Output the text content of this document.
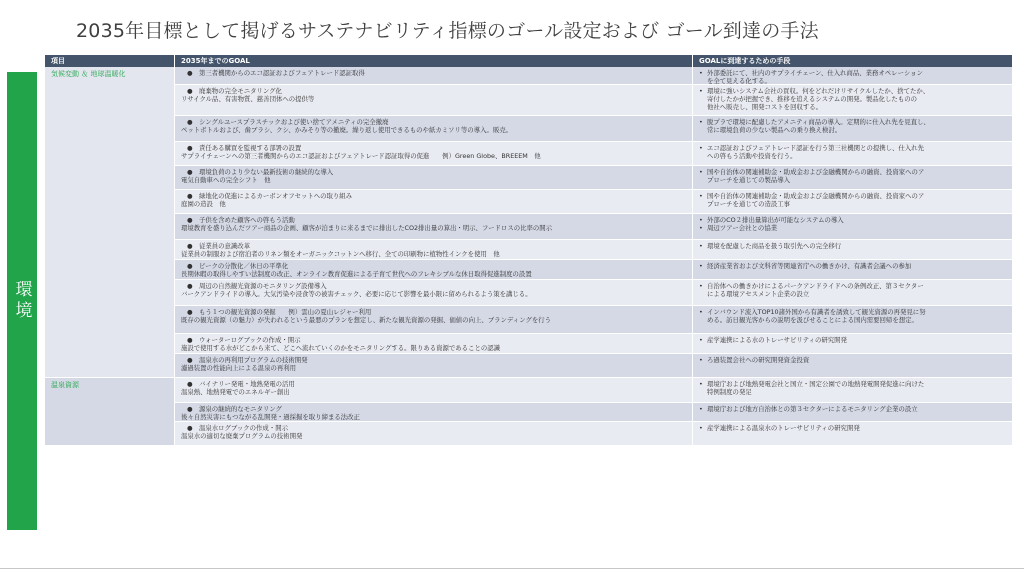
2035年目標として掲げるサステナビリティ指標のゴール設定および ゴール到達の手法
環境
項目	2035年までのGOAL	GOALに到達するための手段
気候変動 ＆ 地球温暖化
温泉資源
●　第三者機関からのエコ認証およびフェアトレード認証取得
•	外部委託にて、社内のサプライチェーン、仕入れ商品、業務オペレーション
を全て見える化する。
●　廃棄物の完全モニタリング化
リサイクル品、有害物質、慈善団体への提供等
• 環境に強いシステム会社の買収。何をどれだけリサイクルしたか、捨てたか、
寄付したかが把握でき、推移を追えるシステムの開発。製品化したものの
他社へ販売し、開発コストを回収する。
●　シングルユースプラスチックおよび使い捨てアメニティの完全撤廃
ペットボトルおよび、歯ブラシ、クシ、かみそり等の撤廃。繰り返し使用できるものや紙カミソリ等の導入。販売。
• 脱プラで環境に配慮したアメニティ商品の導入。定期的に仕入れ先を見直し、
常に環境負荷の少ない製品への乗り換え検討。
●　責任ある購買を監視する部署の設置
サプライチェーンへの第三者機関からのエコ認証およびフェアトレード認証取得の促進　　例）Green Globe、BREEEM　他
• エコ認証およびフェアトレード認証を行う第三社機関との提携し、仕入れ先
への啓もう活動や投資を行う。
●　環境負荷のより少ない最新技術の継続的な導入
電気自動車への完全シフト　他
• 国や自治体の関連補助金・助成金および金融機関からの融資、投資家へのア
プローチを通じての製品導入
●　緑地化の促進によるカーボンオフセットへの取り組み
庭園の造設　他
• 国や自治体の関連補助金・助成金および金融機関からの融資、投資家へのア
プローチを通じての造設工事
●　子供を含めた顧客への啓もう活動
環境教育を盛り込んだツアー商品の企画、顧客が泊まりに来るまでに排出したCO2排出量の算出・明示、フードロスの比率の開示
• 外部のCO２排出量算出が可能なシステムの導入
• 周辺ツアー会社との協業
●　従業員の意識改革
従業員の制服および宿泊者のリネン類をオーガニックコットンへ移行、全ての印刷物に植物性インクを使用　他
• 環境を配慮した商品を扱う取引先への完全移行
●　ピークの分散化／休日の平準化
長期休暇の取得しやすい法制度の改正、オンライン教育促進による子育て世代へのフレキシブルな休日取得促進制度の設置
• 経済産業省および文科省等関連省庁への働きかけ、有識者会議への参加
●　周辺の自然観光資源のモニタリング設備導入
バークアンドライドの導入。大気汚染や浸食等の被害チェック、必要に応じて影響を最小限に留められるよう策を講じる。
• 自治体への働きかけによるパークアンドライドへの条例改正、第３セクター
による環境アセスメント企業の設立
●　もう１つの観光資源の発掘　　例）雲山の夏山レジャー利用
既存の観光資源（の魅力）が失われるという最悪のプランを想定し、新たな観光資源の発掘、価値の向上、ブランディングを行う
• インバウンド流入TOP10諸外国から有識者を誘致して観光資源の再発見に努
める。訪日観光客からの説明を汲びせることによる国内需要回帰を想定。
●　ウォーターログブックの作成・開示
施設で使用する水がどこから来て、どこへ流れていくのかをモニタリングする。限りある資源であることの認識
• 産学連携による水のトレーサビリティの研究開発
●　温泉水の再利用プログラムの技術開発
濾過装置の性能向上による温泉の再利用
• ろ過装置会社への研究開発資金投資
●　バイナリー発電・地熱発電の活用
温泉熱、地熱発電でのエネルギー創出
• 環境庁および地熱発電会社と国立・国定公園での地熱発電開発促進に向けた
特例制度の発足
●　源泉の継続的なモニタリング
後々自然災害にもつながる乱開発・過採掘を取り締まる法改正
• 環境庁および地方自治体との第３セクターによるモニタリング企業の設立
●　温泉水ログブックの作成・開示
温泉水の適切な廃棄プログラムの技術開発
• 産学連携による温泉水のトレーサビリティの研究開発
